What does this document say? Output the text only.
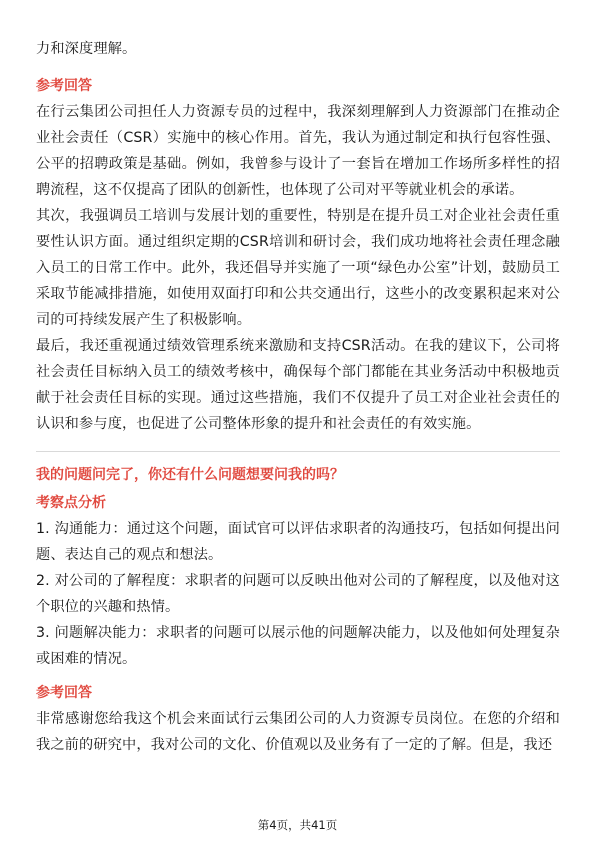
力和深度理解。

参考回答

在行云集团公司担任人力资源专员的过程中，我深刻理解到人力资源部门在推动企业社会责任（CSR）实施中的核心作用。首先，我认为通过制定和执行包容性强、公平的招聘政策是基础。例如，我曾参与设计了一套旨在增加工作场所多样性的招聘流程，这不仅提高了团队的创新性，也体现了公司对平等就业机会的承诺。

其次，我强调员工培训与发展计划的重要性，特别是在提升员工对企业社会责任重要性认识方面。通过组织定期的CSR培训和研讨会，我们成功地将社会责任理念融入员工的日常工作中。此外，我还倡导并实施了一项“绿色办公室”计划，鼓励员工采取节能减排措施，如使用双面打印和公共交通出行，这些小的改变累积起来对公司的可持续发展产生了积极影响。

最后，我还重视通过绩效管理系统来激励和支持CSR活动。在我的建议下，公司将社会责任目标纳入员工的绩效考核中，确保每个部门都能在其业务活动中积极地贡献于社会责任目标的实现。通过这些措施，我们不仅提升了员工对企业社会责任的认识和参与度，也促进了公司整体形象的提升和社会责任的有效实施。

我的问题问完了，你还有什么问题想要问我的吗？

考察点分析

1. 沟通能力：通过这个问题，面试官可以评估求职者的沟通技巧，包括如何提出问题、表达自己的观点和想法。

2. 对公司的了解程度：求职者的问题可以反映出他对公司的了解程度，以及他对这个职位的兴趣和热情。

3. 问题解决能力：求职者的问题可以展示他的问题解决能力，以及他如何处理复杂或困难的情况。

参考回答

非常感谢您给我这个机会来面试行云集团公司的人力资源专员岗位。在您的介绍和我之前的研究中，我对公司的文化、价值观以及业务有了一定的了解。但是，我还

第4页，共41页
